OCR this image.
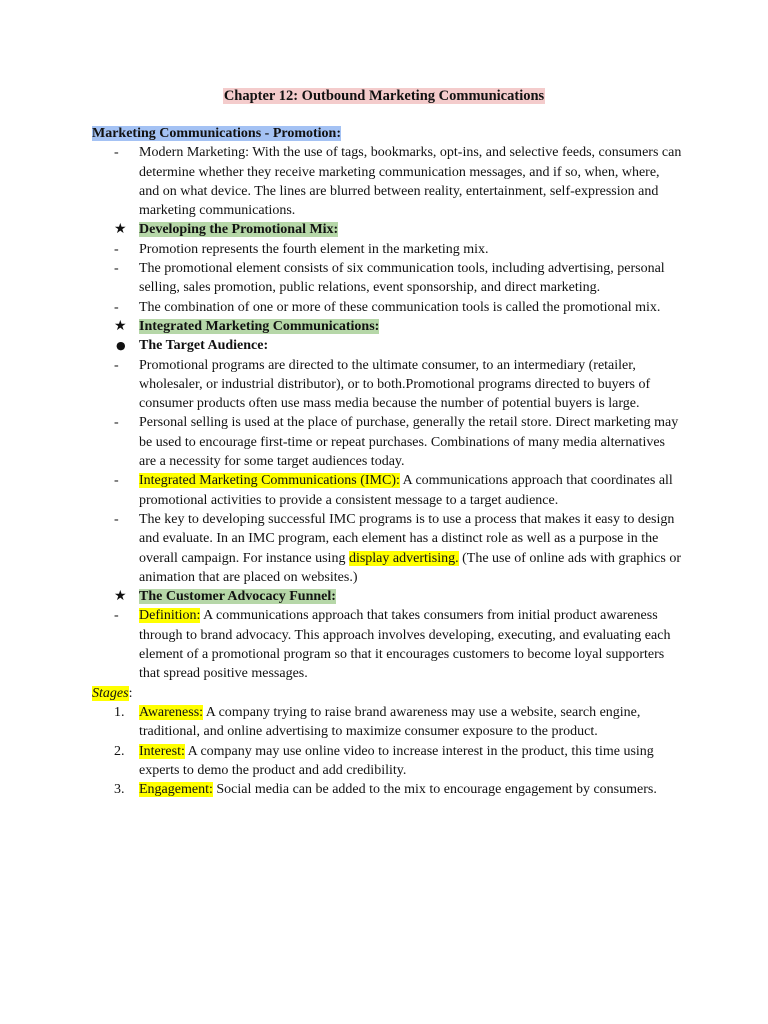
Chapter 12: Outbound Marketing Communications

Marketing Communications - Promotion:

-	Modern Marketing: With the use of tags, bookmarks, opt-ins, and selective feeds, consumers can determine whether they receive marketing communication messages, and if so, when, where, and on what device. The lines are blurred between reality, entertainment, self-expression and marketing communications.
★ Developing the Promotional Mix:
-	Promotion represents the fourth element in the marketing mix.
-	The promotional element consists of six communication tools, including advertising, personal selling, sales promotion, public relations, event sponsorship, and direct marketing.
-	The combination of one or more of these communication tools is called the promotional mix.
★ Integrated Marketing Communications:
● The Target Audience:
-	Promotional programs are directed to the ultimate consumer, to an intermediary (retailer, wholesaler, or industrial distributor), or to both.Promotional programs directed to buyers of consumer products often use mass media because the number of potential buyers is large.
-	Personal selling is used at the place of purchase, generally the retail store. Direct marketing may be used to encourage first-time or repeat purchases. Combinations of many media alternatives are a necessity for some target audiences today.
-	Integrated Marketing Communications (IMC): A communications approach that coordinates all promotional activities to provide a consistent message to a target audience.
-	The key to developing successful IMC programs is to use a process that makes it easy to design and evaluate. In an IMC program, each element has a distinct role as well as a purpose in the overall campaign. For instance using display advertising. (The use of online ads with graphics or animation that are placed on websites.)
★ The Customer Advocacy Funnel:
-	Definition: A communications approach that takes consumers from initial product awareness through to brand advocacy. This approach involves developing, executing, and evaluating each element of a promotional program so that it encourages customers to become loyal supporters that spread positive messages.

Stages:

1.	Awareness: A company trying to raise brand awareness may use a website, search engine, traditional, and online advertising to maximize consumer exposure to the product.
2.	Interest: A company may use online video to increase interest in the product, this time using experts to demo the product and add credibility.
3.	Engagement: Social media can be added to the mix to encourage engagement by consumers.
